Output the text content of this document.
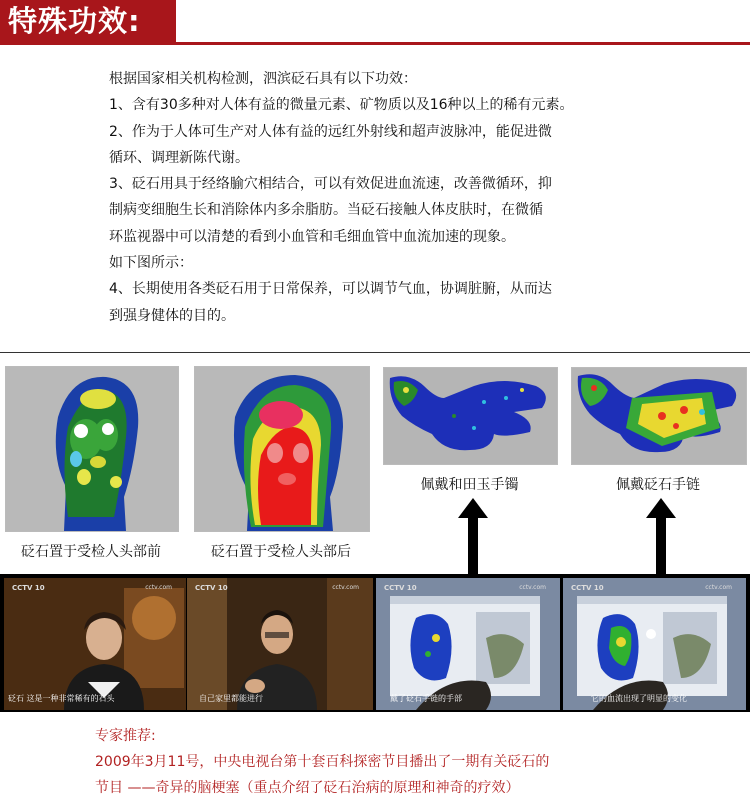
特殊功效:

根据国家相关机构检测，泗滨砭石具有以下功效：

1、含有30多种对人体有益的微量元素、矿物质以及16种以上的稀有元素。

2、作为于人体可生产对人体有益的远红外射线和超声波脉冲，能促进微

循环、调理新陈代谢。

3、砭石用具于经络腧穴相结合，可以有效促进血流速，改善微循环，抑

制病变细胞生长和消除体内多余脂肪。当砭石接触人体皮肤时，在微循

环监视器中可以清楚的看到小血管和毛细血管中血流加速的现象。

如下图所示：

4、长期使用各类砭石用于日常保养，可以调节气血，协调脏腑，从而达

到强身健体的目的。

砭石置于受检人头部前	砭石置于受检人头部后
佩戴和田玉手镯	佩戴砭石手链
CCTV 10	cctv.com
砭石 这是一种非常稀有的石头
CCTV 10	cctv.com
自己家里都能进行
CCTV 10	cctv.com
戴了砭石手链的手部
CCTV 10	cctv.com
它的血流出现了明显的变化

专家推荐:

2009年3月11号，中央电视台第十套百科探密节目播出了一期有关砭石的

节目 ——奇异的脑梗塞（重点介绍了砭石治病的原理和神奇的疗效）
